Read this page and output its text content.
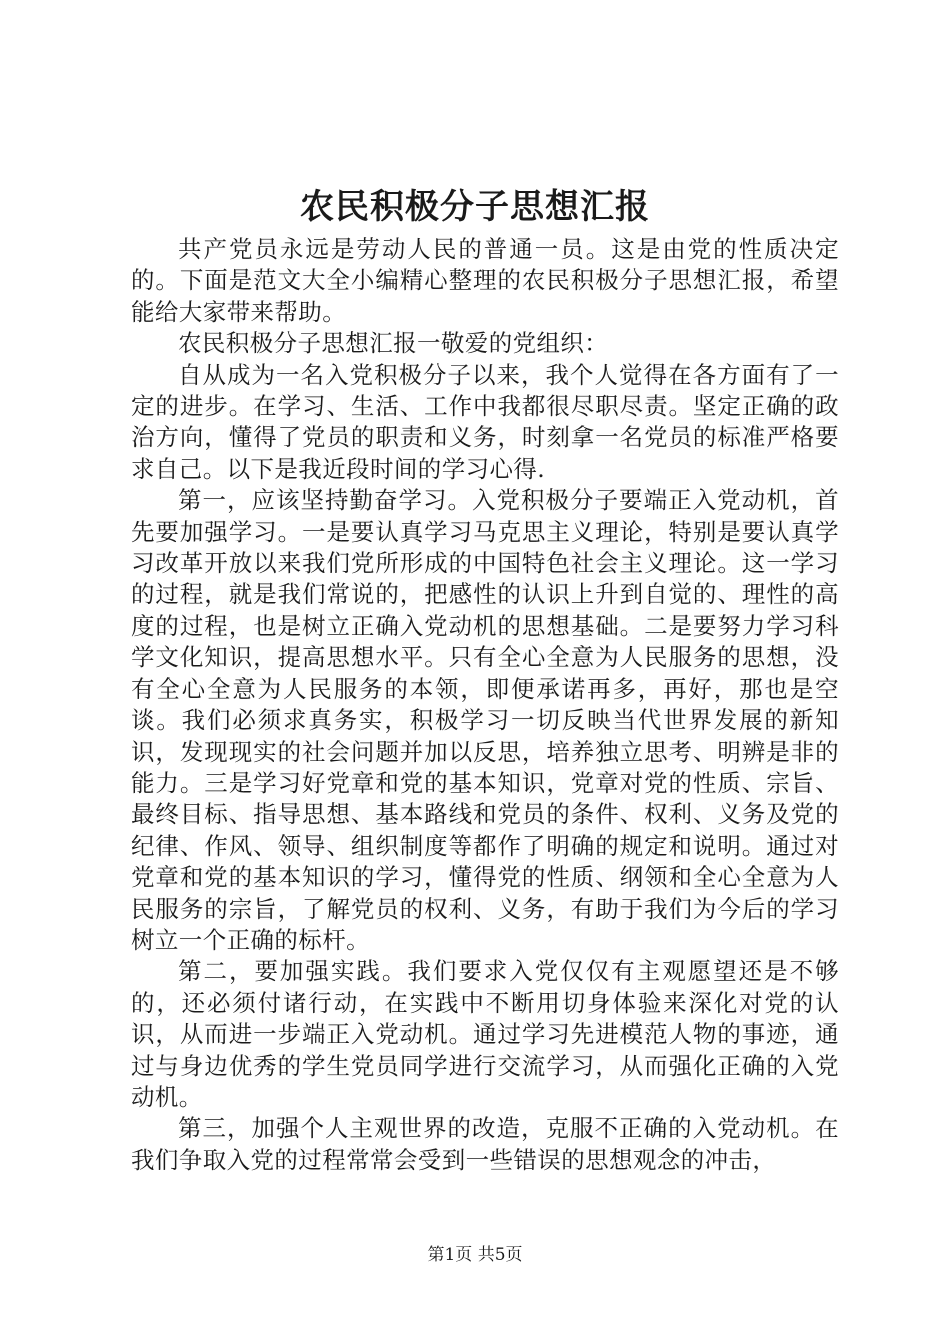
农民积极分子思想汇报

共产党员永远是劳动人民的普通一员。这是由党的性质决定的。下面是范文大全小编精心整理的农民积极分子思想汇报，希望能给大家带来帮助。

农民积极分子思想汇报一敬爱的党组织：

自从成为一名入党积极分子以来，我个人觉得在各方面有了一定的进步。在学习、生活、工作中我都很尽职尽责。坚定正确的政治方向，懂得了党员的职责和义务，时刻拿一名党员的标准严格要求自己。以下是我近段时间的学习心得.

第一，应该坚持勤奋学习。入党积极分子要端正入党动机，首先要加强学习。一是要认真学习马克思主义理论，特别是要认真学习改革开放以来我们党所形成的中国特色社会主义理论。这一学习的过程，就是我们常说的，把感性的认识上升到自觉的、理性的高度的过程，也是树立正确入党动机的思想基础。二是要努力学习科学文化知识，提高思想水平。只有全心全意为人民服务的思想，没有全心全意为人民服务的本领，即便承诺再多，再好，那也是空谈。我们必须求真务实，积极学习一切反映当代世界发展的新知识，发现现实的社会问题并加以反思，培养独立思考、明辨是非的能力。三是学习好党章和党的基本知识，党章对党的性质、宗旨、最终目标、指导思想、基本路线和党员的条件、权利、义务及党的纪律、作风、领导、组织制度等都作了明确的规定和说明。通过对党章和党的基本知识的学习，懂得党的性质、纲领和全心全意为人民服务的宗旨，了解党员的权利、义务，有助于我们为今后的学习树立一个正确的标杆。

第二，要加强实践。我们要求入党仅仅有主观愿望还是不够的，还必须付诸行动，在实践中不断用切身体验来深化对党的认识，从而进一步端正入党动机。通过学习先进模范人物的事迹，通过与身边优秀的学生党员同学进行交流学习，从而强化正确的入党动机。

第三，加强个人主观世界的改造，克服不正确的入党动机。在我们争取入党的过程常常会受到一些错误的思想观念的冲击，

第1页 共5页
